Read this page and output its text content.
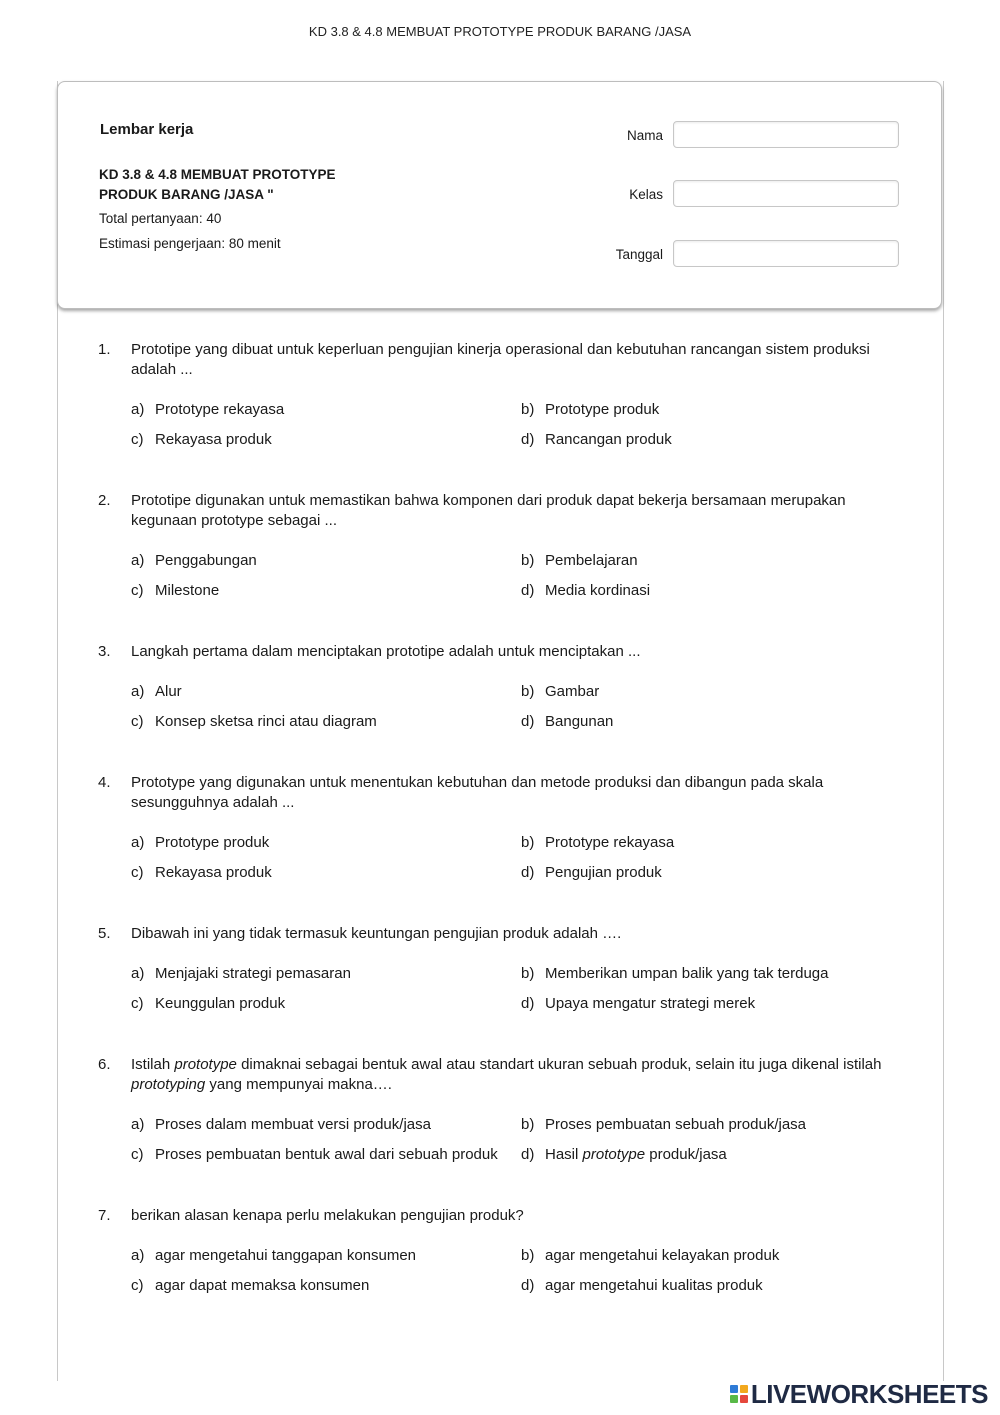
KD 3.8 & 4.8 MEMBUAT PROTOTYPE PRODUK BARANG /JASA
Lembar kerja
KD 3.8 & 4.8 MEMBUAT PROTOTYPE
PRODUK BARANG /JASA "
Total pertanyaan: 40
Estimasi pengerjaan: 80 menit
Nama
Kelas
Tanggal
1. Prototipe yang dibuat untuk keperluan pengujian kinerja operasional dan kebutuhan rancangan sistem produksi adalah ...
a) Prototype rekayasa	b) Prototype produk
c) Rekayasa produk	d) Rancangan produk
2. Prototipe digunakan untuk memastikan bahwa komponen dari produk dapat bekerja bersamaan merupakan kegunaan prototype sebagai ...
a) Penggabungan	b) Pembelajaran
c) Milestone	d) Media kordinasi
3. Langkah pertama dalam menciptakan prototipe adalah untuk menciptakan ...
a) Alur	b) Gambar
c) Konsep sketsa rinci atau diagram	d) Bangunan
4. Prototype yang digunakan untuk menentukan kebutuhan dan metode produksi dan dibangun pada skala sesungguhnya adalah ...
a) Prototype produk	b) Prototype rekayasa
c) Rekayasa produk	d) Pengujian produk
5. Dibawah ini yang tidak termasuk keuntungan pengujian produk adalah ….
a) Menjajaki strategi pemasaran	b) Memberikan umpan balik yang tak terduga
c) Keunggulan produk	d) Upaya mengatur strategi merek
6. Istilah prototype dimaknai sebagai bentuk awal atau standart ukuran sebuah produk, selain itu juga dikenal istilah prototyping yang mempunyai makna….
a) Proses dalam membuat versi produk/jasa	b) Proses pembuatan sebuah produk/jasa
c) Proses pembuatan bentuk awal dari sebuah produk d) Hasil prototype produk/jasa
7. berikan alasan kenapa perlu melakukan pengujian produk?
a) agar mengetahui tanggapan konsumen	b) agar mengetahui kelayakan produk
c) agar dapat memaksa konsumen	d) agar mengetahui kualitas produk
LIVEWORKSHEETS
